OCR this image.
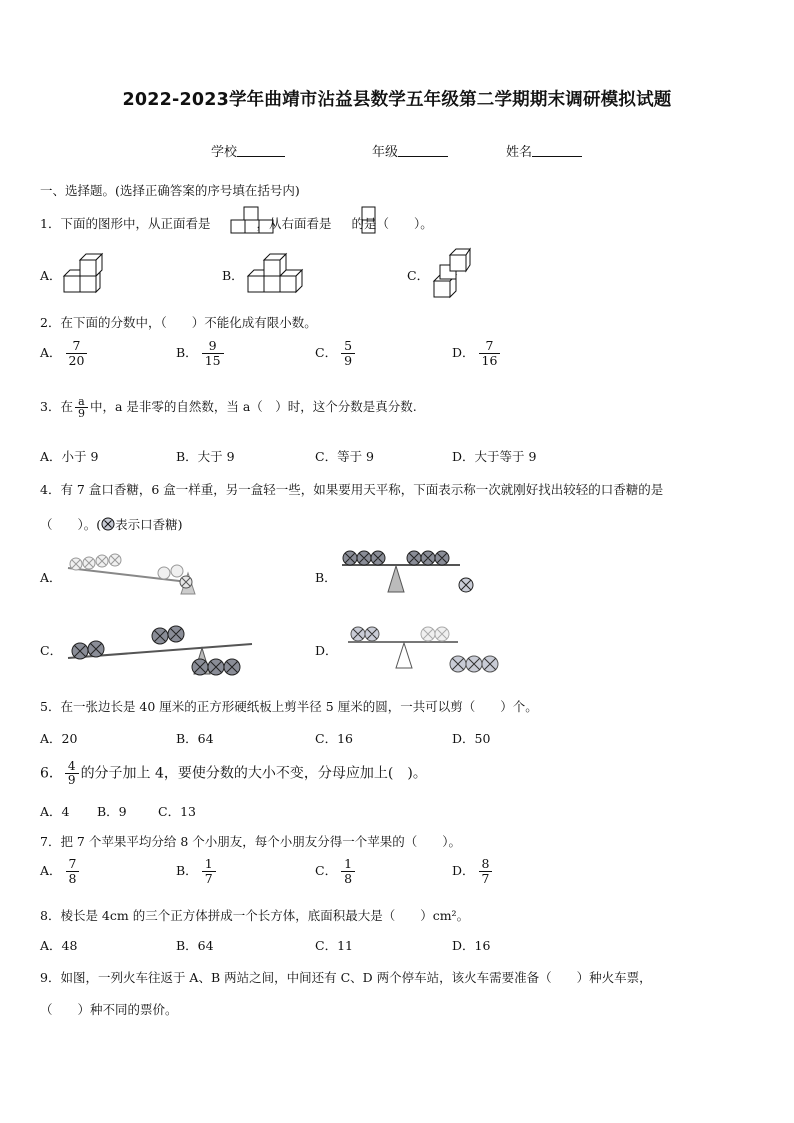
2022-2023学年曲靖市沾益县数学五年级第二学期期末调研模拟试题
学校	年级	姓名
一、选择题。(选择正确答案的序号填在括号内)
1．下面的图形中，从正面看是	，从右面看是 的是（　　）。
A．	B．	C．
2．在下面的分数中，（　　）不能化成有限小数。
A． $\frac{7}{20}$	B． $\frac{9}{15}$	C． $\frac{5}{9}$	D． $\frac{7}{16}$
3．在 $\frac{a}{9}$ 中，a 是非零的自然数，当 a（　）时，这个分数是真分数.
A．小于 9	B．大于 9	C．等于 9	D．大于等于 9
4．有 7 盒口香糖，6 盒一样重，另一盒轻一些，如果要用天平称，下面表示称一次就刚好找出较轻的口香糖的是
（　　）。( 表示口香糖)
A．	B．
C．	D．
5．在一张边长是 40 厘米的正方形硬纸板上剪半径 5 厘米的圆，一共可以剪（　　）个。
A．20	B．64	C．16	D．50
6． $\frac{4}{9}$ 的分子加上 4，要使分数的大小不变，分母应加上(　)。
A．4 B．9	C．13
7．把 7 个苹果平均分给 8 个小朋友，每个小朋友分得一个苹果的（　　）。
A． $\frac{7}{8}$	B． $\frac{1}{7}$	C． $\frac{1}{8}$	D． $\frac{8}{7}$
8．棱长是 4cm 的三个正方体拼成一个长方体，底面积最大是（　　）cm²。
A．48	B．64	C．11	D．16
9．如图，一列火车往返于 A、B 两站之间，中间还有 C、D 两个停车站，该火车需要准备（　　）种火车票，
（　　）种不同的票价。
